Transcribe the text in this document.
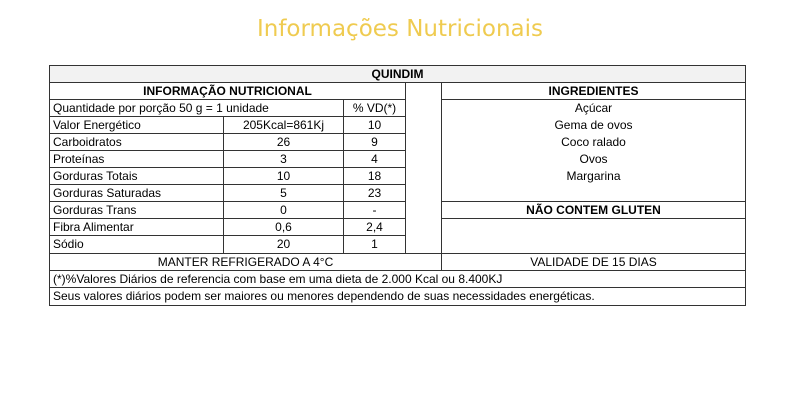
Informações Nutricionais
QUINDIM
INFORMAÇÃO NUTRICIONAL
Quantidade por porção 50 g = 1 unidade	% VD(*)
Valor Energético	205Kcal=861Kj	10
Carboidratos	26	9
Proteínas	3	4
Gorduras Totais	10	18
Gorduras Saturadas	5	23
Gorduras Trans	0	-
Fibra Alimentar	0,6	2,4
Sódio	20	1
INGREDIENTES
Açúcar
Gema de ovos
Coco ralado
Ovos
Margarina
NÃO CONTEM GLUTEN
MANTER REFRIGERADO A 4°C	VALIDADE DE 15 DIAS
(*)%Valores Diários de referencia com base em uma dieta de 2.000 Kcal ou 8.400KJ
Seus valores diários podem ser maiores ou menores dependendo de suas necessidades energéticas.
